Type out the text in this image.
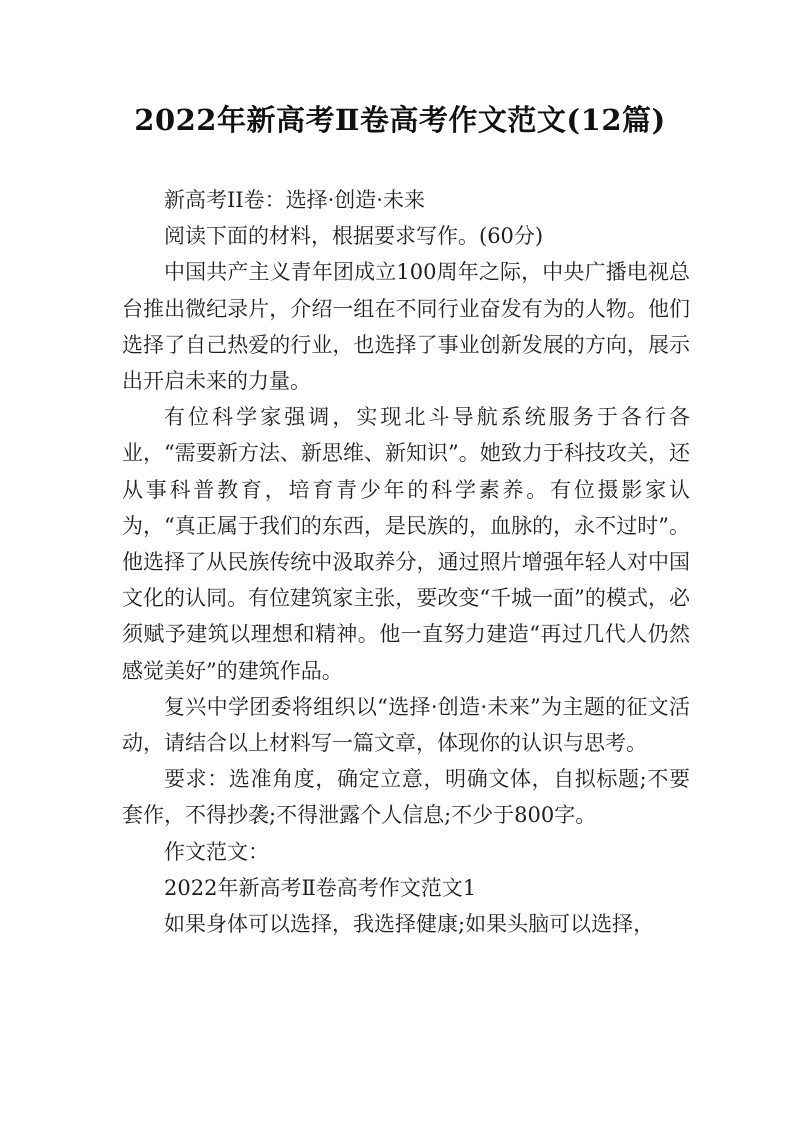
2022年新高考Ⅱ卷高考作文范文(12篇)

新高考II卷：选择·创造·未来

阅读下面的材料，根据要求写作。(60分)

中国共产主义青年团成立100周年之际，中央广播电视总台推出微纪录片，介绍一组在不同行业奋发有为的人物。他们选择了自己热爱的行业，也选择了事业创新发展的方向，展示出开启未来的力量。

有位科学家强调，实现北斗导航系统服务于各行各业，“需要新方法、新思维、新知识”。她致力于科技攻关，还从事科普教育，培育青少年的科学素养。有位摄影家认为，“真正属于我们的东西，是民族的，血脉的，永不过时”。他选择了从民族传统中汲取养分，通过照片增强年轻人对中国文化的认同。有位建筑家主张，要改变“千城一面”的模式，必须赋予建筑以理想和精神。他一直努力建造“再过几代人仍然感觉美好”的建筑作品。

复兴中学团委将组织以“选择·创造·未来”为主题的征文活动，请结合以上材料写一篇文章，体现你的认识与思考。

要求：选准角度，确定立意，明确文体，自拟标题;不要套作，不得抄袭;不得泄露个人信息;不少于800字。

作文范文：

2022年新高考Ⅱ卷高考作文范文1

如果身体可以选择，我选择健康;如果头脑可以选择，
